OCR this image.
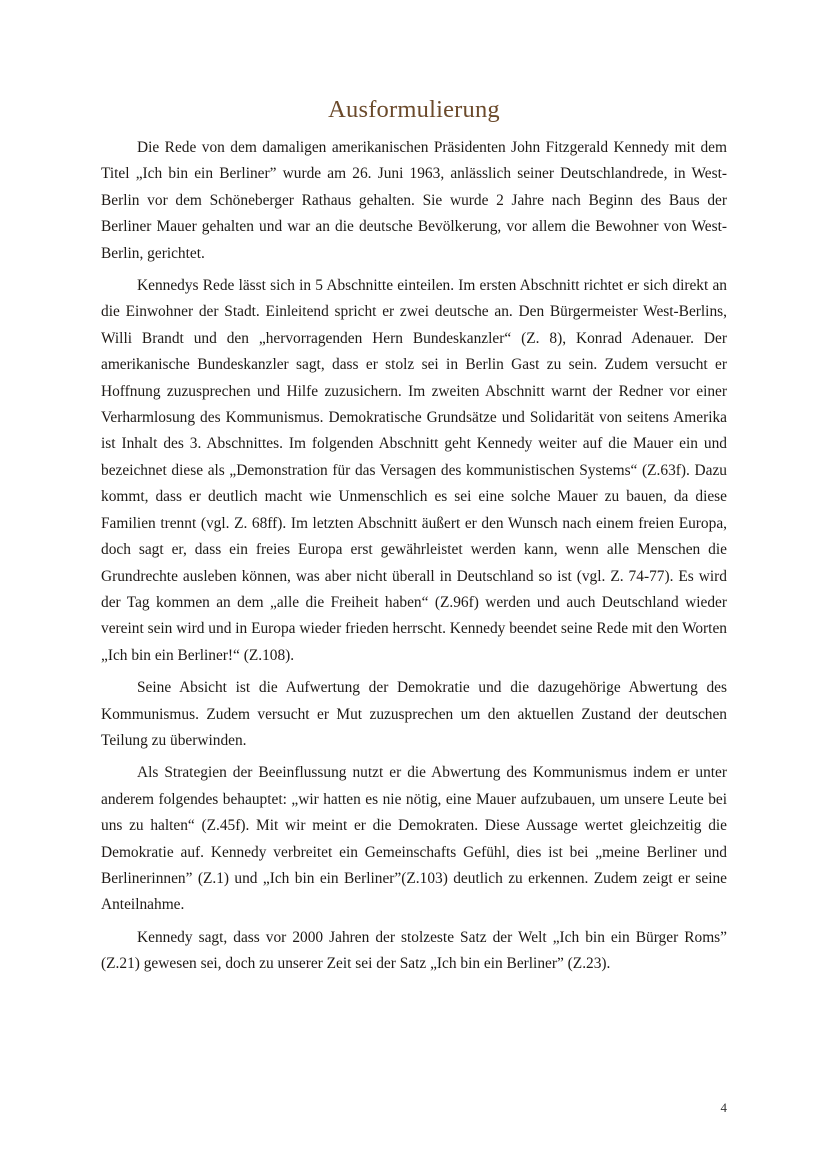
Ausformulierung

Die Rede von dem damaligen amerikanischen Präsidenten John Fitzgerald Kennedy mit dem Titel „Ich bin ein Berliner” wurde am 26. Juni 1963, anlässlich seiner Deutschlandrede, in West-Berlin vor dem Schöneberger Rathaus gehalten. Sie wurde 2 Jahre nach Beginn des Baus der Berliner Mauer gehalten und war an die deutsche Bevölkerung, vor allem die Bewohner von West-Berlin, gerichtet.

Kennedys Rede lässt sich in 5 Abschnitte einteilen. Im ersten Abschnitt richtet er sich direkt an die Einwohner der Stadt. Einleitend spricht er zwei deutsche an. Den Bürgermeister West-Berlins, Willi Brandt und den „hervorragenden Hern Bundeskanzler“ (Z. 8), Konrad Adenauer. Der amerikanische Bundeskanzler sagt, dass er stolz sei in Berlin Gast zu sein. Zudem versucht er Hoffnung zuzusprechen und Hilfe zuzusichern. Im zweiten Abschnitt warnt der Redner vor einer Verharmlosung des Kommunismus. Demokratische Grundsätze und Solidarität von seitens Amerika ist Inhalt des 3. Abschnittes. Im folgenden Abschnitt geht Kennedy weiter auf die Mauer ein und bezeichnet diese als „Demonstration für das Versagen des kommunistischen Systems“ (Z.63f). Dazu kommt, dass er deutlich macht wie Unmenschlich es sei eine solche Mauer zu bauen, da diese Familien trennt (vgl. Z. 68ff). Im letzten Abschnitt äußert er den Wunsch nach einem freien Europa, doch sagt er, dass ein freies Europa erst gewährleistet werden kann, wenn alle Menschen die Grundrechte ausleben können, was aber nicht überall in Deutschland so ist (vgl. Z. 74-77). Es wird der Tag kommen an dem „alle die Freiheit haben“ (Z.96f) werden und auch Deutschland wieder vereint sein wird und in Europa wieder frieden herrscht. Kennedy beendet seine Rede mit den Worten „Ich bin ein Berliner!“ (Z.108).

Seine Absicht ist die Aufwertung der Demokratie und die dazugehörige Abwertung des Kommunismus. Zudem versucht er Mut zuzusprechen um den aktuellen Zustand der deutschen Teilung zu überwinden.

Als Strategien der Beeinflussung nutzt er die Abwertung des Kommunismus indem er unter anderem folgendes behauptet: „wir hatten es nie nötig, eine Mauer aufzubauen, um unsere Leute bei uns zu halten“ (Z.45f). Mit wir meint er die Demokraten. Diese Aussage wertet gleichzeitig die Demokratie auf. Kennedy verbreitet ein Gemeinschafts Gefühl, dies ist bei „meine Berliner und Berlinerinnen” (Z.1) und „Ich bin ein Berliner”(Z.103) deutlich zu erkennen. Zudem zeigt er seine Anteilnahme.

Kennedy sagt, dass vor 2000 Jahren der stolzeste Satz der Welt „Ich bin ein Bürger Roms” (Z.21) gewesen sei, doch zu unserer Zeit sei der Satz „Ich bin ein Berliner” (Z.23).

4
